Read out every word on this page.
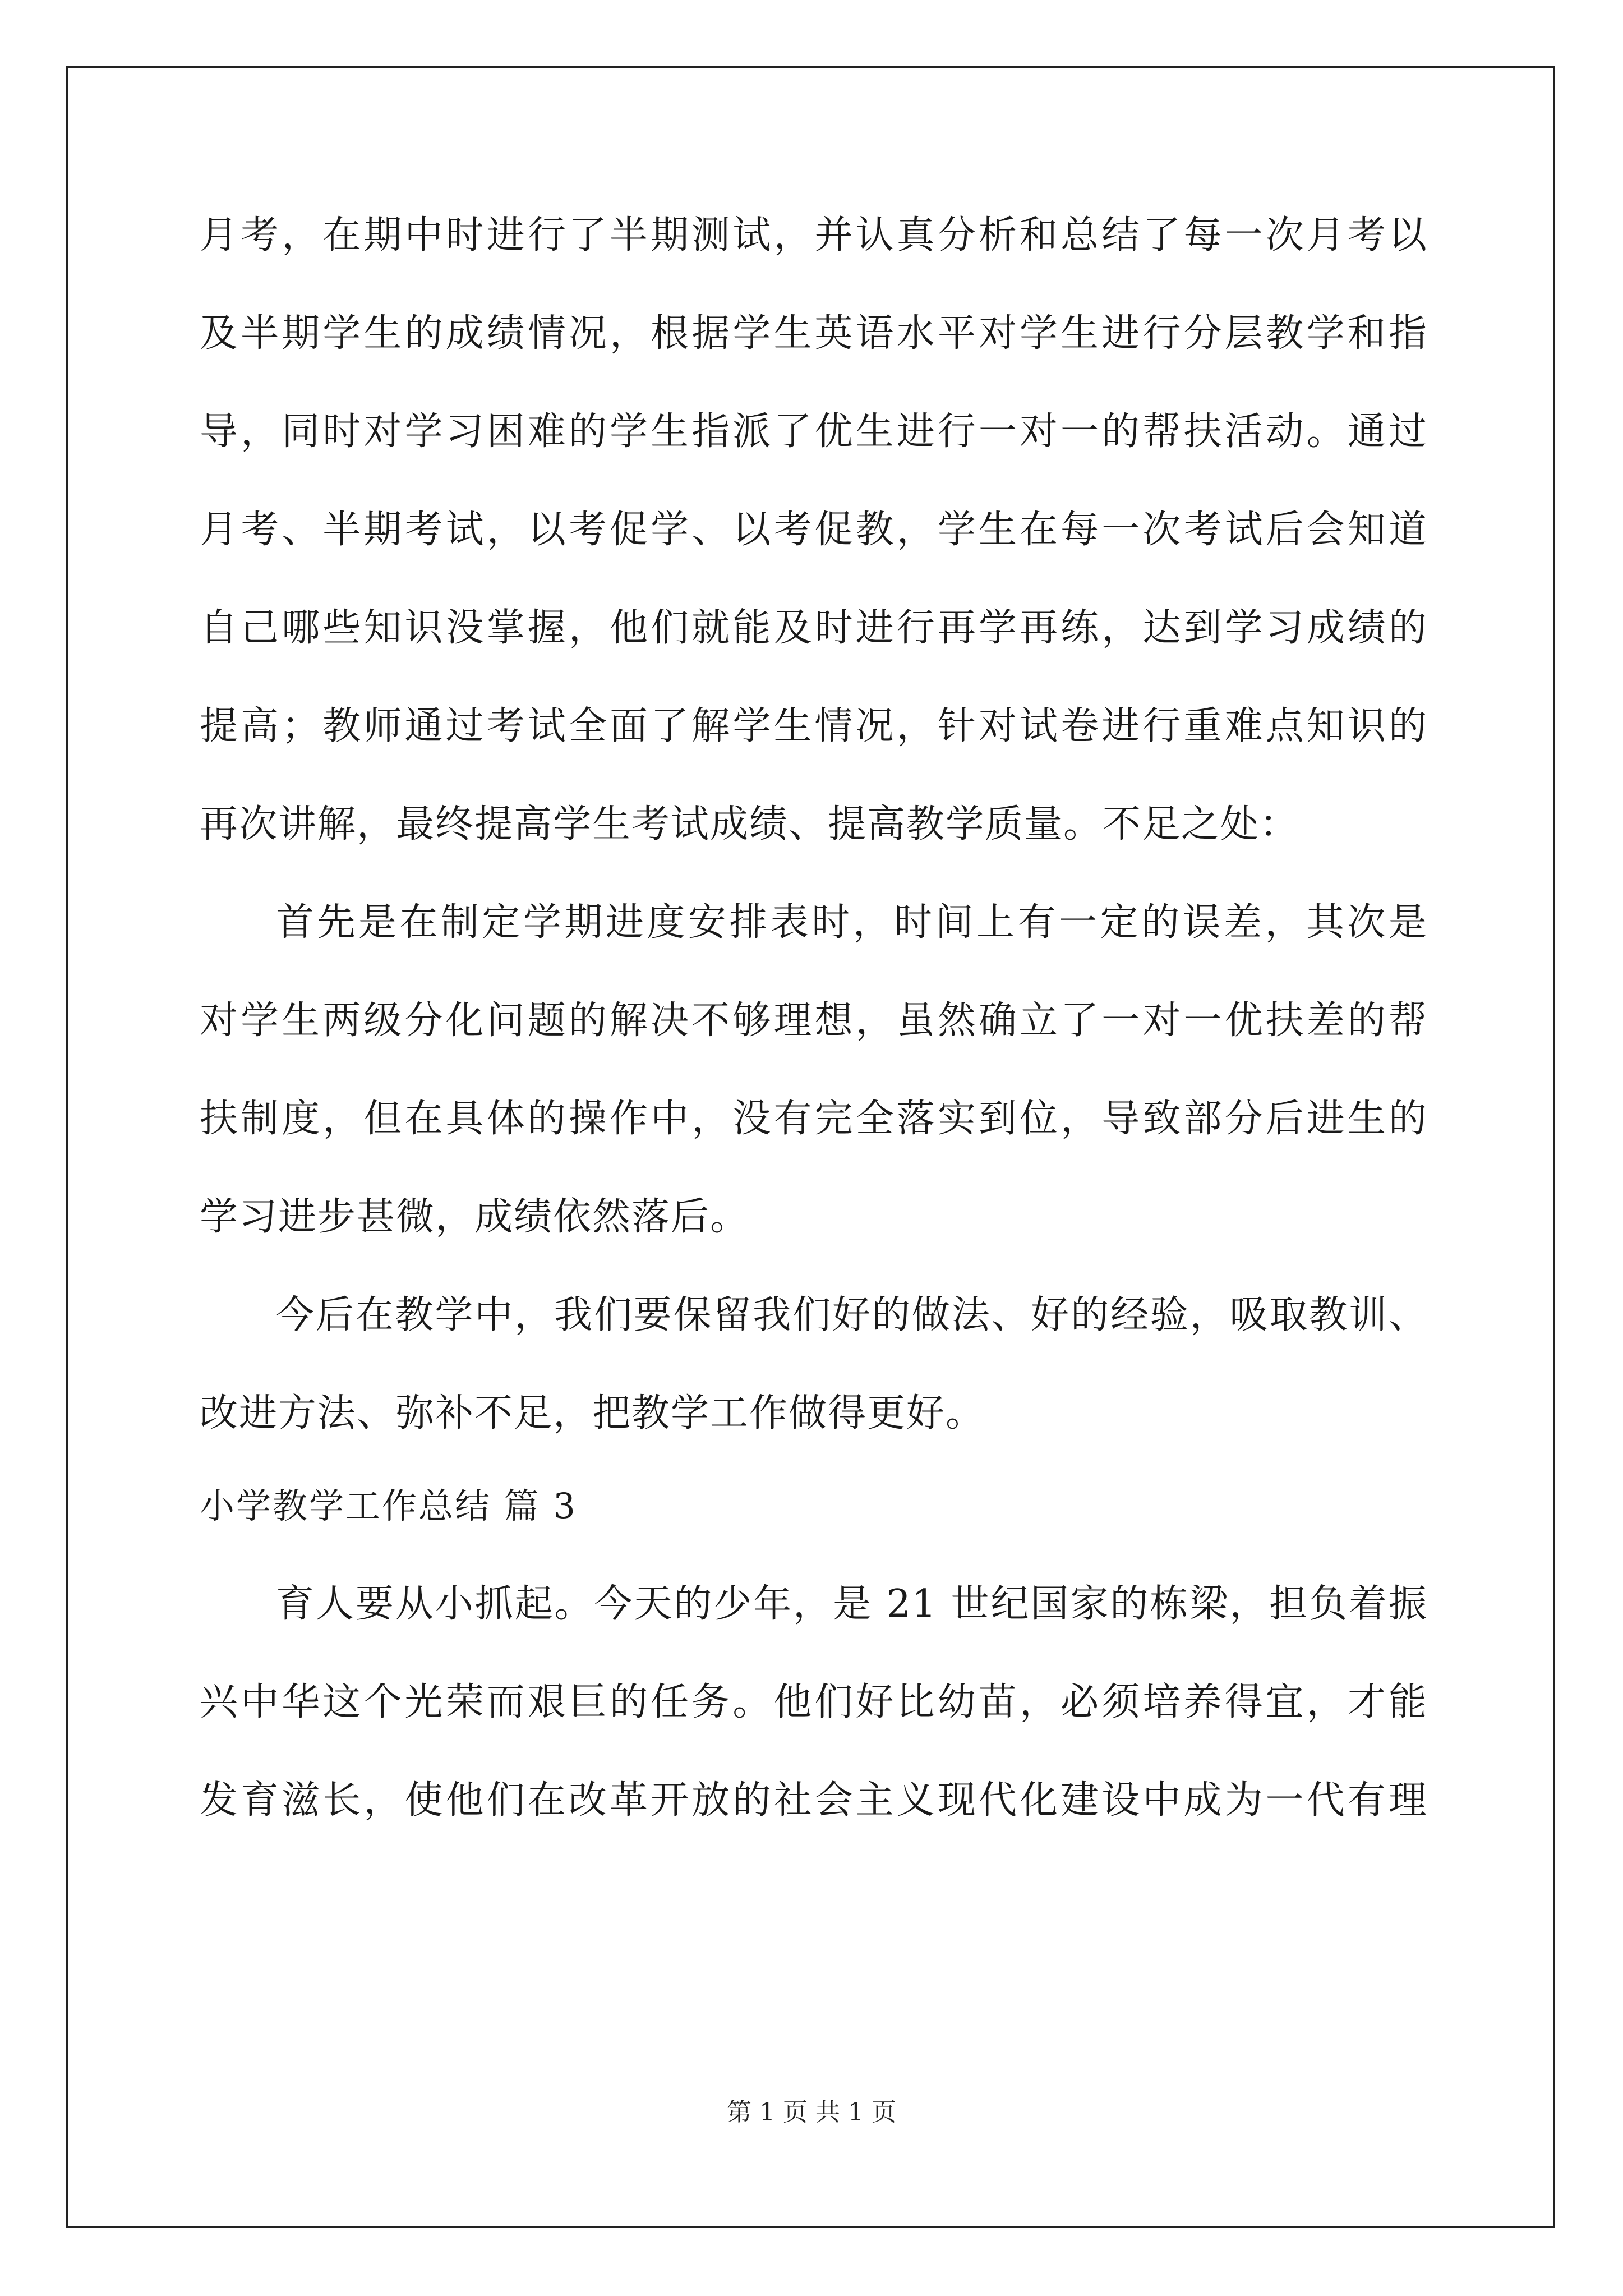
月考，在期中时进行了半期测试，并认真分析和总结了每一次月考以
及半期学生的成绩情况，根据学生英语水平对学生进行分层教学和指
导，同时对学习困难的学生指派了优生进行一对一的帮扶活动。通过
月考、半期考试，以考促学、以考促教，学生在每一次考试后会知道
自己哪些知识没掌握，他们就能及时进行再学再练，达到学习成绩的
提高；教师通过考试全面了解学生情况，针对试卷进行重难点知识的
再次讲解，最终提高学生考试成绩、提高教学质量。不足之处：
首先是在制定学期进度安排表时，时间上有一定的误差，其次是
对学生两级分化问题的解决不够理想，虽然确立了一对一优扶差的帮
扶制度，但在具体的操作中，没有完全落实到位，导致部分后进生的
学习进步甚微，成绩依然落后。
今后在教学中，我们要保留我们好的做法、好的经验，吸取教训、
改进方法、弥补不足，把教学工作做得更好。
小学教学工作总结 篇 3
育人要从小抓起。今天的少年，是 21 世纪国家的栋梁，担负着振
兴中华这个光荣而艰巨的任务。他们好比幼苗，必须培养得宜，才能
发育滋长，使他们在改革开放的社会主义现代化建设中成为一代有理
第 1 页 共 1 页
